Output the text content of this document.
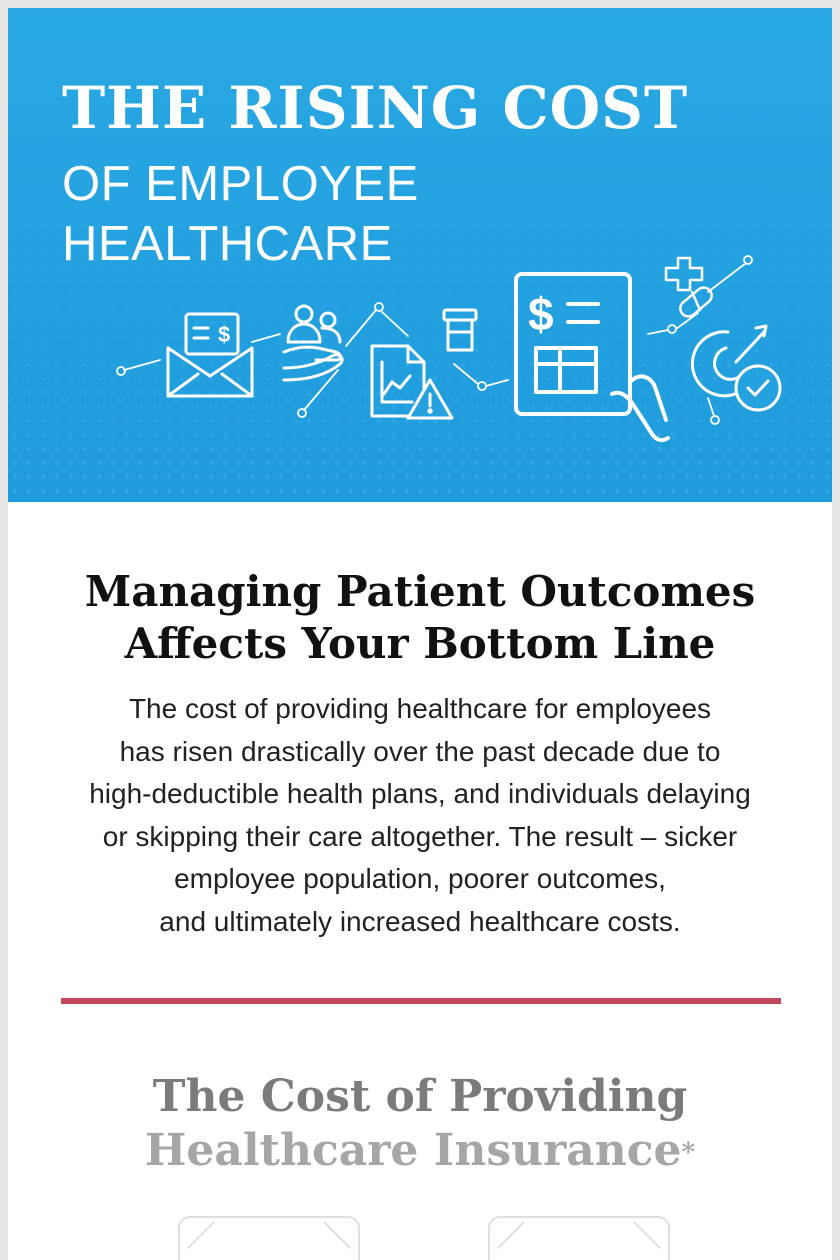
THE RISING COST
OF EMPLOYEE
HEALTHCARE
$	$
Managing Patient Outcomes
Affects Your Bottom Line
The cost of providing healthcare for employees
has risen drastically over the past decade due to
high-deductible health plans, and individuals delaying
or skipping their care altogether. The result – sicker
employee population, poorer outcomes,
and ultimately increased healthcare costs.
The Cost of Providing
Healthcare Insurance*
